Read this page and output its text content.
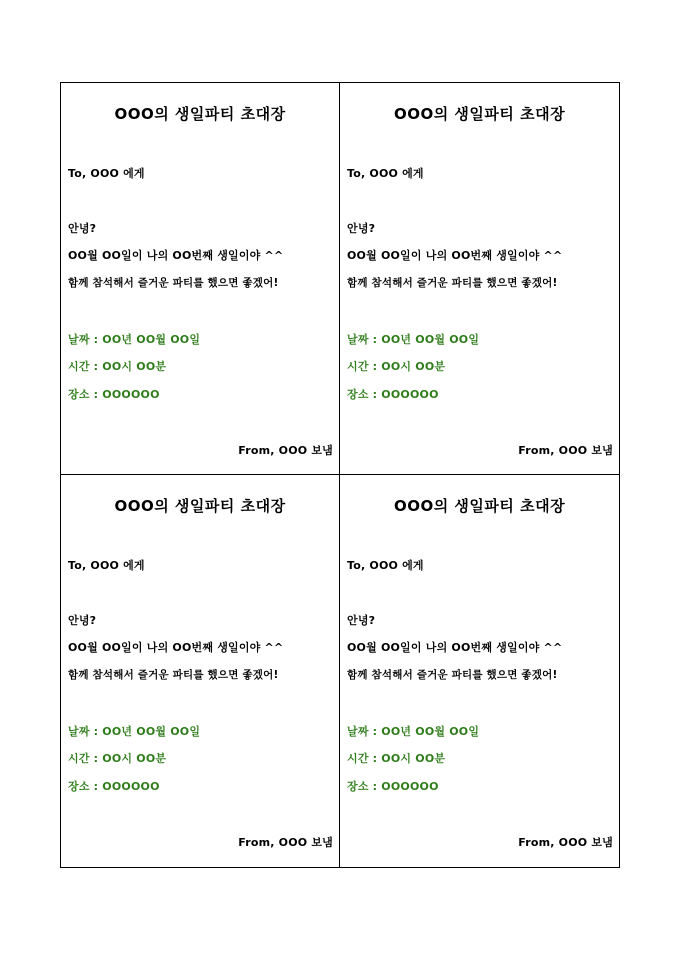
OOO의 생일파티 초대장
To, OOO 에게
안녕?
OO월 OO일이 나의 OO번째 생일이야 ^^
함께 참석해서 즐거운 파티를 했으면 좋겠어!
날짜 : OO년 OO월 OO일
시간 : OO시 OO분
장소 : OOOOOO
From, OOO 보냄
OOO의 생일파티 초대장
To, OOO 에게
안녕?
OO월 OO일이 나의 OO번째 생일이야 ^^
함께 참석해서 즐거운 파티를 했으면 좋겠어!
날짜 : OO년 OO월 OO일
시간 : OO시 OO분
장소 : OOOOOO
From, OOO 보냄
OOO의 생일파티 초대장
To, OOO 에게
안녕?
OO월 OO일이 나의 OO번째 생일이야 ^^
함께 참석해서 즐거운 파티를 했으면 좋겠어!
날짜 : OO년 OO월 OO일
시간 : OO시 OO분
장소 : OOOOOO
From, OOO 보냄
OOO의 생일파티 초대장
To, OOO 에게
안녕?
OO월 OO일이 나의 OO번째 생일이야 ^^
함께 참석해서 즐거운 파티를 했으면 좋겠어!
날짜 : OO년 OO월 OO일
시간 : OO시 OO분
장소 : OOOOOO
From, OOO 보냄
